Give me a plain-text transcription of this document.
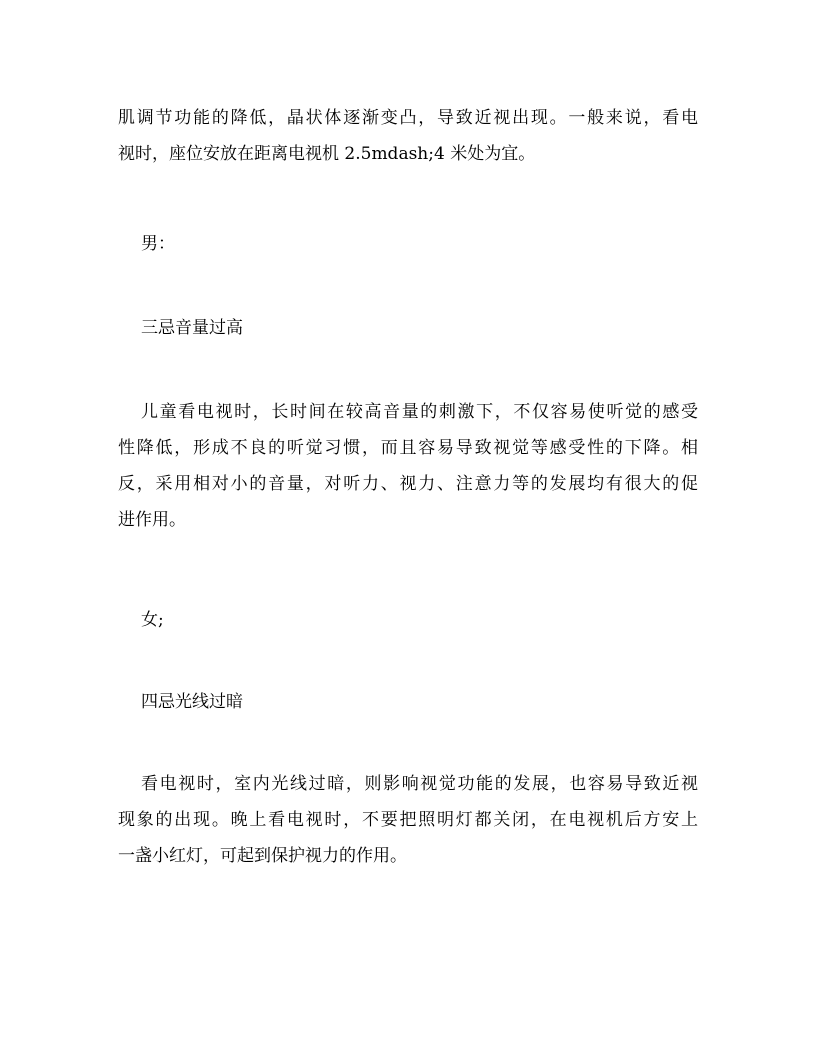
肌调节功能的降低，晶状体逐渐变凸，导致近视出现。一般来说，看电
视时，座位安放在距离电视机 2.5mdash;4 米处为宜。
男：
三忌音量过高
儿童看电视时，长时间在较高音量的刺激下，不仅容易使听觉的感受
性降低，形成不良的听觉习惯，而且容易导致视觉等感受性的下降。相
反，采用相对小的音量，对听力、视力、注意力等的发展均有很大的促
进作用。
女;
四忌光线过暗
看电视时，室内光线过暗，则影响视觉功能的发展，也容易导致近视
现象的出现。晚上看电视时，不要把照明灯都关闭，在电视机后方安上
一盏小红灯，可起到保护视力的作用。
